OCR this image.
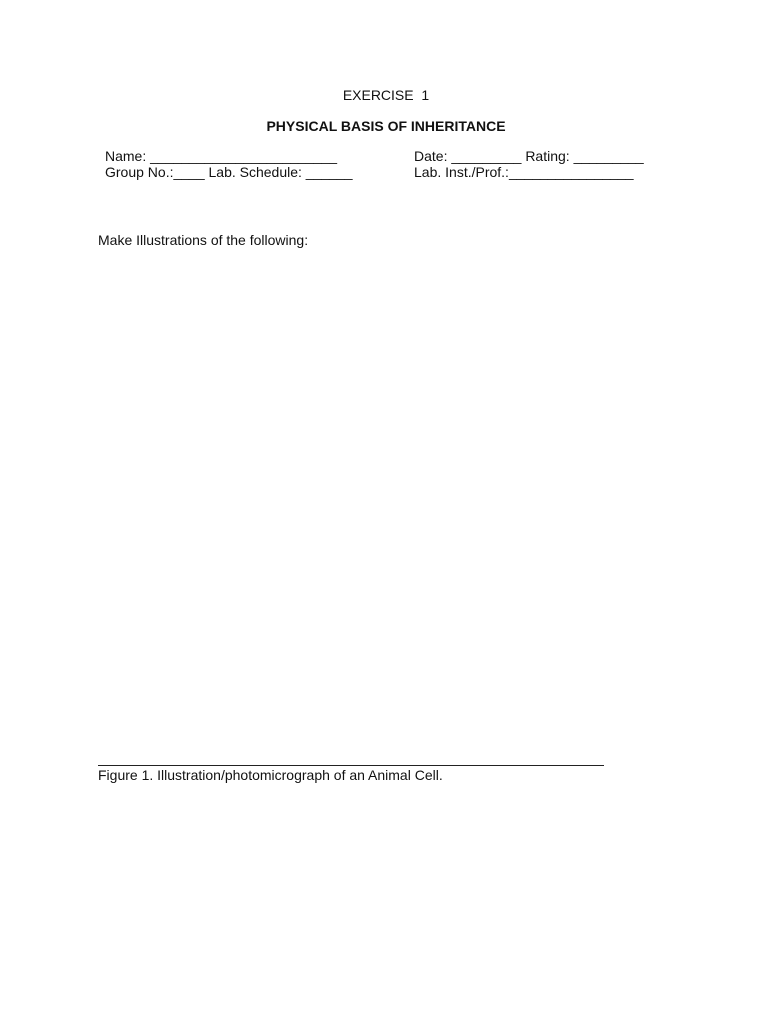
EXERCISE  1
PHYSICAL BASIS OF INHERITANCE
Name: ________________________
Group No.:____ Lab. Schedule: ______
Date: _________ Rating: _________
Lab. Inst./Prof.:________________
Make Illustrations of the following:
Figure 1. Illustration/photomicrograph of an Animal Cell.
